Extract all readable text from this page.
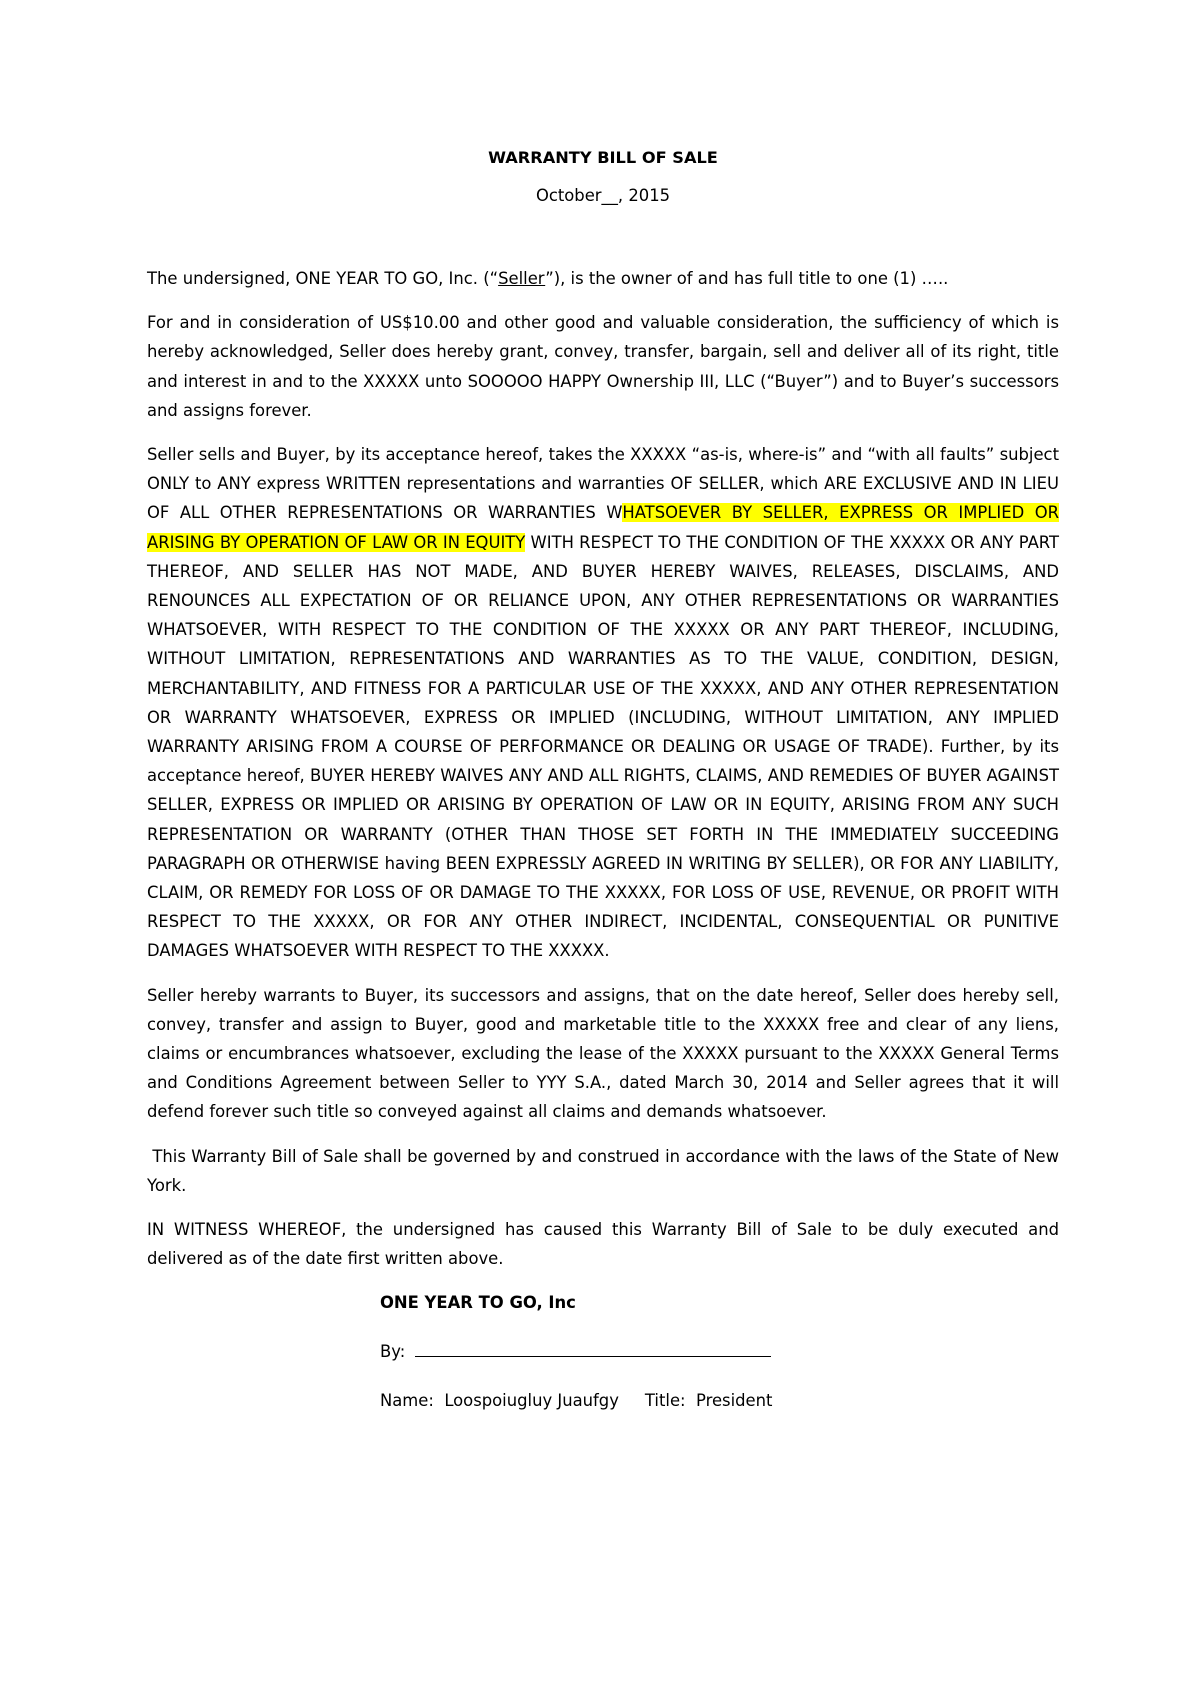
WARRANTY BILL OF SALE

October__, 2015

The undersigned, ONE YEAR TO GO, Inc. (“Seller”), is the owner of and has full title to one (1) …..

For and in consideration of US$10.00 and other good and valuable consideration, the sufficiency of which is hereby acknowledged, Seller does hereby grant, convey, transfer, bargain, sell and deliver all of its right, title and interest in and to the XXXXX unto SOOOOO HAPPY Ownership III, LLC (“Buyer”) and to Buyer’s successors and assigns forever.

Seller sells and Buyer, by its acceptance hereof, takes the XXXXX “as-is, where-is” and “with all faults” subject ONLY to ANY express WRITTEN representations and warranties OF SELLER, which ARE EXCLUSIVE AND IN LIEU OF ALL OTHER REPRESENTATIONS OR WARRANTIES WHATSOEVER BY SELLER, EXPRESS OR IMPLIED OR ARISING BY OPERATION OF LAW OR IN EQUITY WITH RESPECT TO THE CONDITION OF THE XXXXX OR ANY PART THEREOF, AND SELLER HAS NOT MADE, AND BUYER HEREBY WAIVES, RELEASES, DISCLAIMS, AND RENOUNCES ALL EXPECTATION OF OR RELIANCE UPON, ANY OTHER REPRESENTATIONS OR WARRANTIES WHATSOEVER, WITH RESPECT TO THE CONDITION OF THE XXXXX OR ANY PART THEREOF, INCLUDING, WITHOUT LIMITATION, REPRESENTATIONS AND WARRANTIES AS TO THE VALUE, CONDITION, DESIGN, MERCHANTABILITY, AND FITNESS FOR A PARTICULAR USE OF THE XXXXX, AND ANY OTHER REPRESENTATION OR WARRANTY WHATSOEVER, EXPRESS OR IMPLIED (INCLUDING, WITHOUT LIMITATION, ANY IMPLIED WARRANTY ARISING FROM A COURSE OF PERFORMANCE OR DEALING OR USAGE OF TRADE). Further, by its acceptance hereof, BUYER HEREBY WAIVES ANY AND ALL RIGHTS, CLAIMS, AND REMEDIES OF BUYER AGAINST SELLER, EXPRESS OR IMPLIED OR ARISING BY OPERATION OF LAW OR IN EQUITY, ARISING FROM ANY SUCH REPRESENTATION OR WARRANTY (OTHER THAN THOSE SET FORTH IN THE IMMEDIATELY SUCCEEDING PARAGRAPH OR OTHERWISE having BEEN EXPRESSLY AGREED IN WRITING BY SELLER), OR FOR ANY LIABILITY, CLAIM, OR REMEDY FOR LOSS OF OR DAMAGE TO THE XXXXX, FOR LOSS OF USE, REVENUE, OR PROFIT WITH RESPECT TO THE XXXXX, OR FOR ANY OTHER INDIRECT, INCIDENTAL, CONSEQUENTIAL OR PUNITIVE DAMAGES WHATSOEVER WITH RESPECT TO THE XXXXX.

Seller hereby warrants to Buyer, its successors and assigns, that on the date hereof, Seller does hereby sell, convey, transfer and assign to Buyer, good and marketable title to the XXXXX free and clear of any liens, claims or encumbrances whatsoever, excluding the lease of the XXXXX pursuant to the XXXXX General Terms and Conditions Agreement between Seller to YYY S.A., dated March 30, 2014 and Seller agrees that it will defend forever such title so conveyed against all claims and demands whatsoever.

This Warranty Bill of Sale shall be governed by and construed in accordance with the laws of the State of New York.

IN WITNESS WHEREOF, the undersigned has caused this Warranty Bill of Sale to be duly executed and delivered as of the date first written above.

ONE YEAR TO GO, Inc

By:

Name: Loospoiugluy Juaufgy Title: President
